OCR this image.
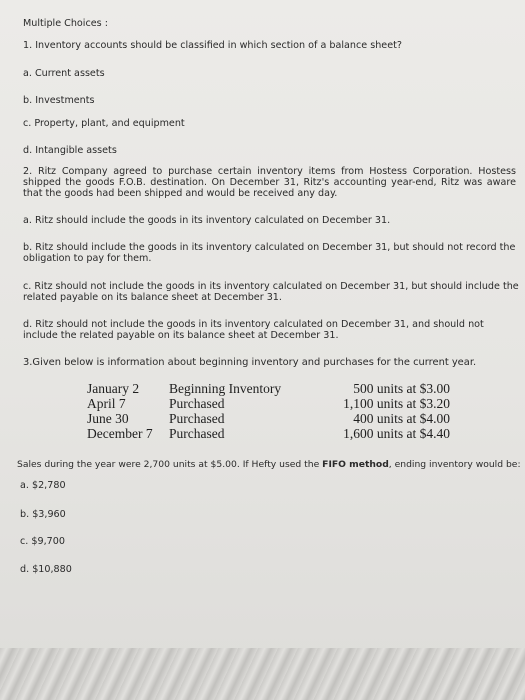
Multiple Choices :
1. Inventory accounts should be classified in which section of a balance sheet?
a. Current assets
b. Investments
c. Property, plant, and equipment
d. Intangible assets
2. Ritz Company agreed to purchase certain inventory items from Hostess Corporation. Hostess shipped the goods F.O.B. destination. On December 31, Ritz's accounting year-end, Ritz was aware that the goods had been shipped and would be received any day.
a. Ritz should include the goods in its inventory calculated on December 31.
b. Ritz should include the goods in its inventory calculated on December 31, but should not record the obligation to pay for them.
c. Ritz should not include the goods in its inventory calculated on December 31, but should include the related payable on its balance sheet at December 31.
d. Ritz should not include the goods in its inventory calculated on December 31, and should not include the related payable on its balance sheet at December 31.
3.Given below is information about beginning inventory and purchases for the current year.
January 2
April 7
June 30
December 7
Beginning Inventory
Purchased
Purchased
Purchased
500 units at $3.00
1,100 units at $3.20
400 units at $4.00
1,600 units at $4.40
Sales during the year were 2,700 units at $5.00. If Hefty used the FIFO method, ending inventory would be:
a. $2,780
b. $3,960
c. $9,700
d. $10,880
